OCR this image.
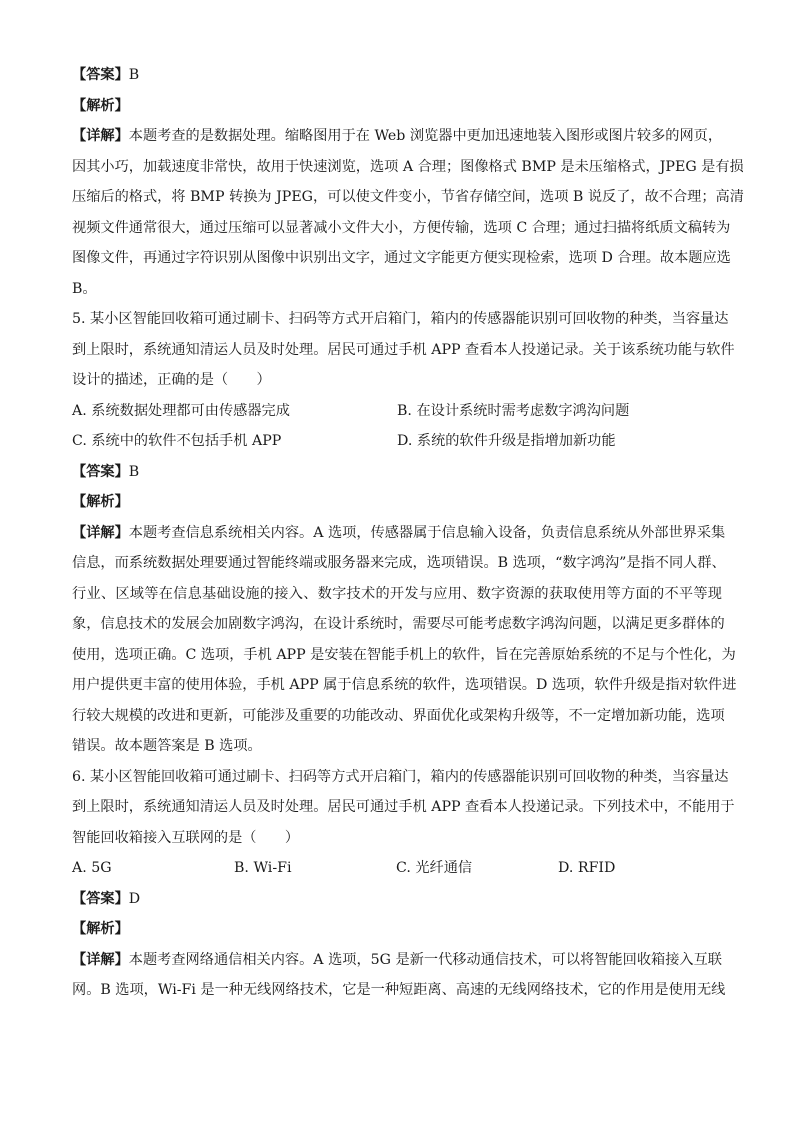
【答案】B
【解析】
【详解】本题考查的是数据处理。缩略图用于在 Web 浏览器中更加迅速地装入图形或图片较多的网页，
因其小巧，加载速度非常快，故用于快速浏览，选项 A 合理；图像格式 BMP 是未压缩格式，JPEG 是有损
压缩后的格式，将 BMP 转换为 JPEG，可以使文件变小，节省存储空间，选项 B 说反了，故不合理；高清
视频文件通常很大，通过压缩可以显著减小文件大小，方便传输，选项 C 合理；通过扫描将纸质文稿转为
图像文件，再通过字符识别从图像中识别出文字，通过文字能更方便实现检索，选项 D 合理。故本题应选
B。
5. 某小区智能回收箱可通过刷卡、扫码等方式开启箱门，箱内的传感器能识别可回收物的种类，当容量达
到上限时，系统通知清运人员及时处理。居民可通过手机 APP 查看本人投递记录。关于该系统功能与软件
设计的描述，正确的是（　　）
A. 系统数据处理都可由传感器完成	B. 在设计系统时需考虑数字鸿沟问题
C. 系统中的软件不包括手机 APP	D. 系统的软件升级是指增加新功能
【答案】B
【解析】
【详解】本题考查信息系统相关内容。A 选项，传感器属于信息输入设备，负责信息系统从外部世界采集
信息，而系统数据处理要通过智能终端或服务器来完成，选项错误。B 选项，“数字鸿沟”是指不同人群、
行业、区域等在信息基础设施的接入、数字技术的开发与应用、数字资源的获取使用等方面的不平等现
象，信息技术的发展会加剧数字鸿沟，在设计系统时，需要尽可能考虑数字鸿沟问题，以满足更多群体的
使用，选项正确。C 选项，手机 APP 是安装在智能手机上的软件，旨在完善原始系统的不足与个性化，为
用户提供更丰富的使用体验，手机 APP 属于信息系统的软件，选项错误。D 选项，软件升级是指对软件进
行较大规模的改进和更新，可能涉及重要的功能改动、界面优化或架构升级等，不一定增加新功能，选项
错误。故本题答案是 B 选项。
6. 某小区智能回收箱可通过刷卡、扫码等方式开启箱门，箱内的传感器能识别可回收物的种类，当容量达
到上限时，系统通知清运人员及时处理。居民可通过手机 APP 查看本人投递记录。下列技术中，不能用于
智能回收箱接入互联网的是（　　）
A. 5G	B. Wi-Fi	C. 光纤通信	D. RFID
【答案】D
【解析】
【详解】本题考查网络通信相关内容。A 选项，5G 是新一代移动通信技术，可以将智能回收箱接入互联
网。B 选项，Wi-Fi 是一种无线网络技术，它是一种短距离、高速的无线网络技术，它的作用是使用无线
